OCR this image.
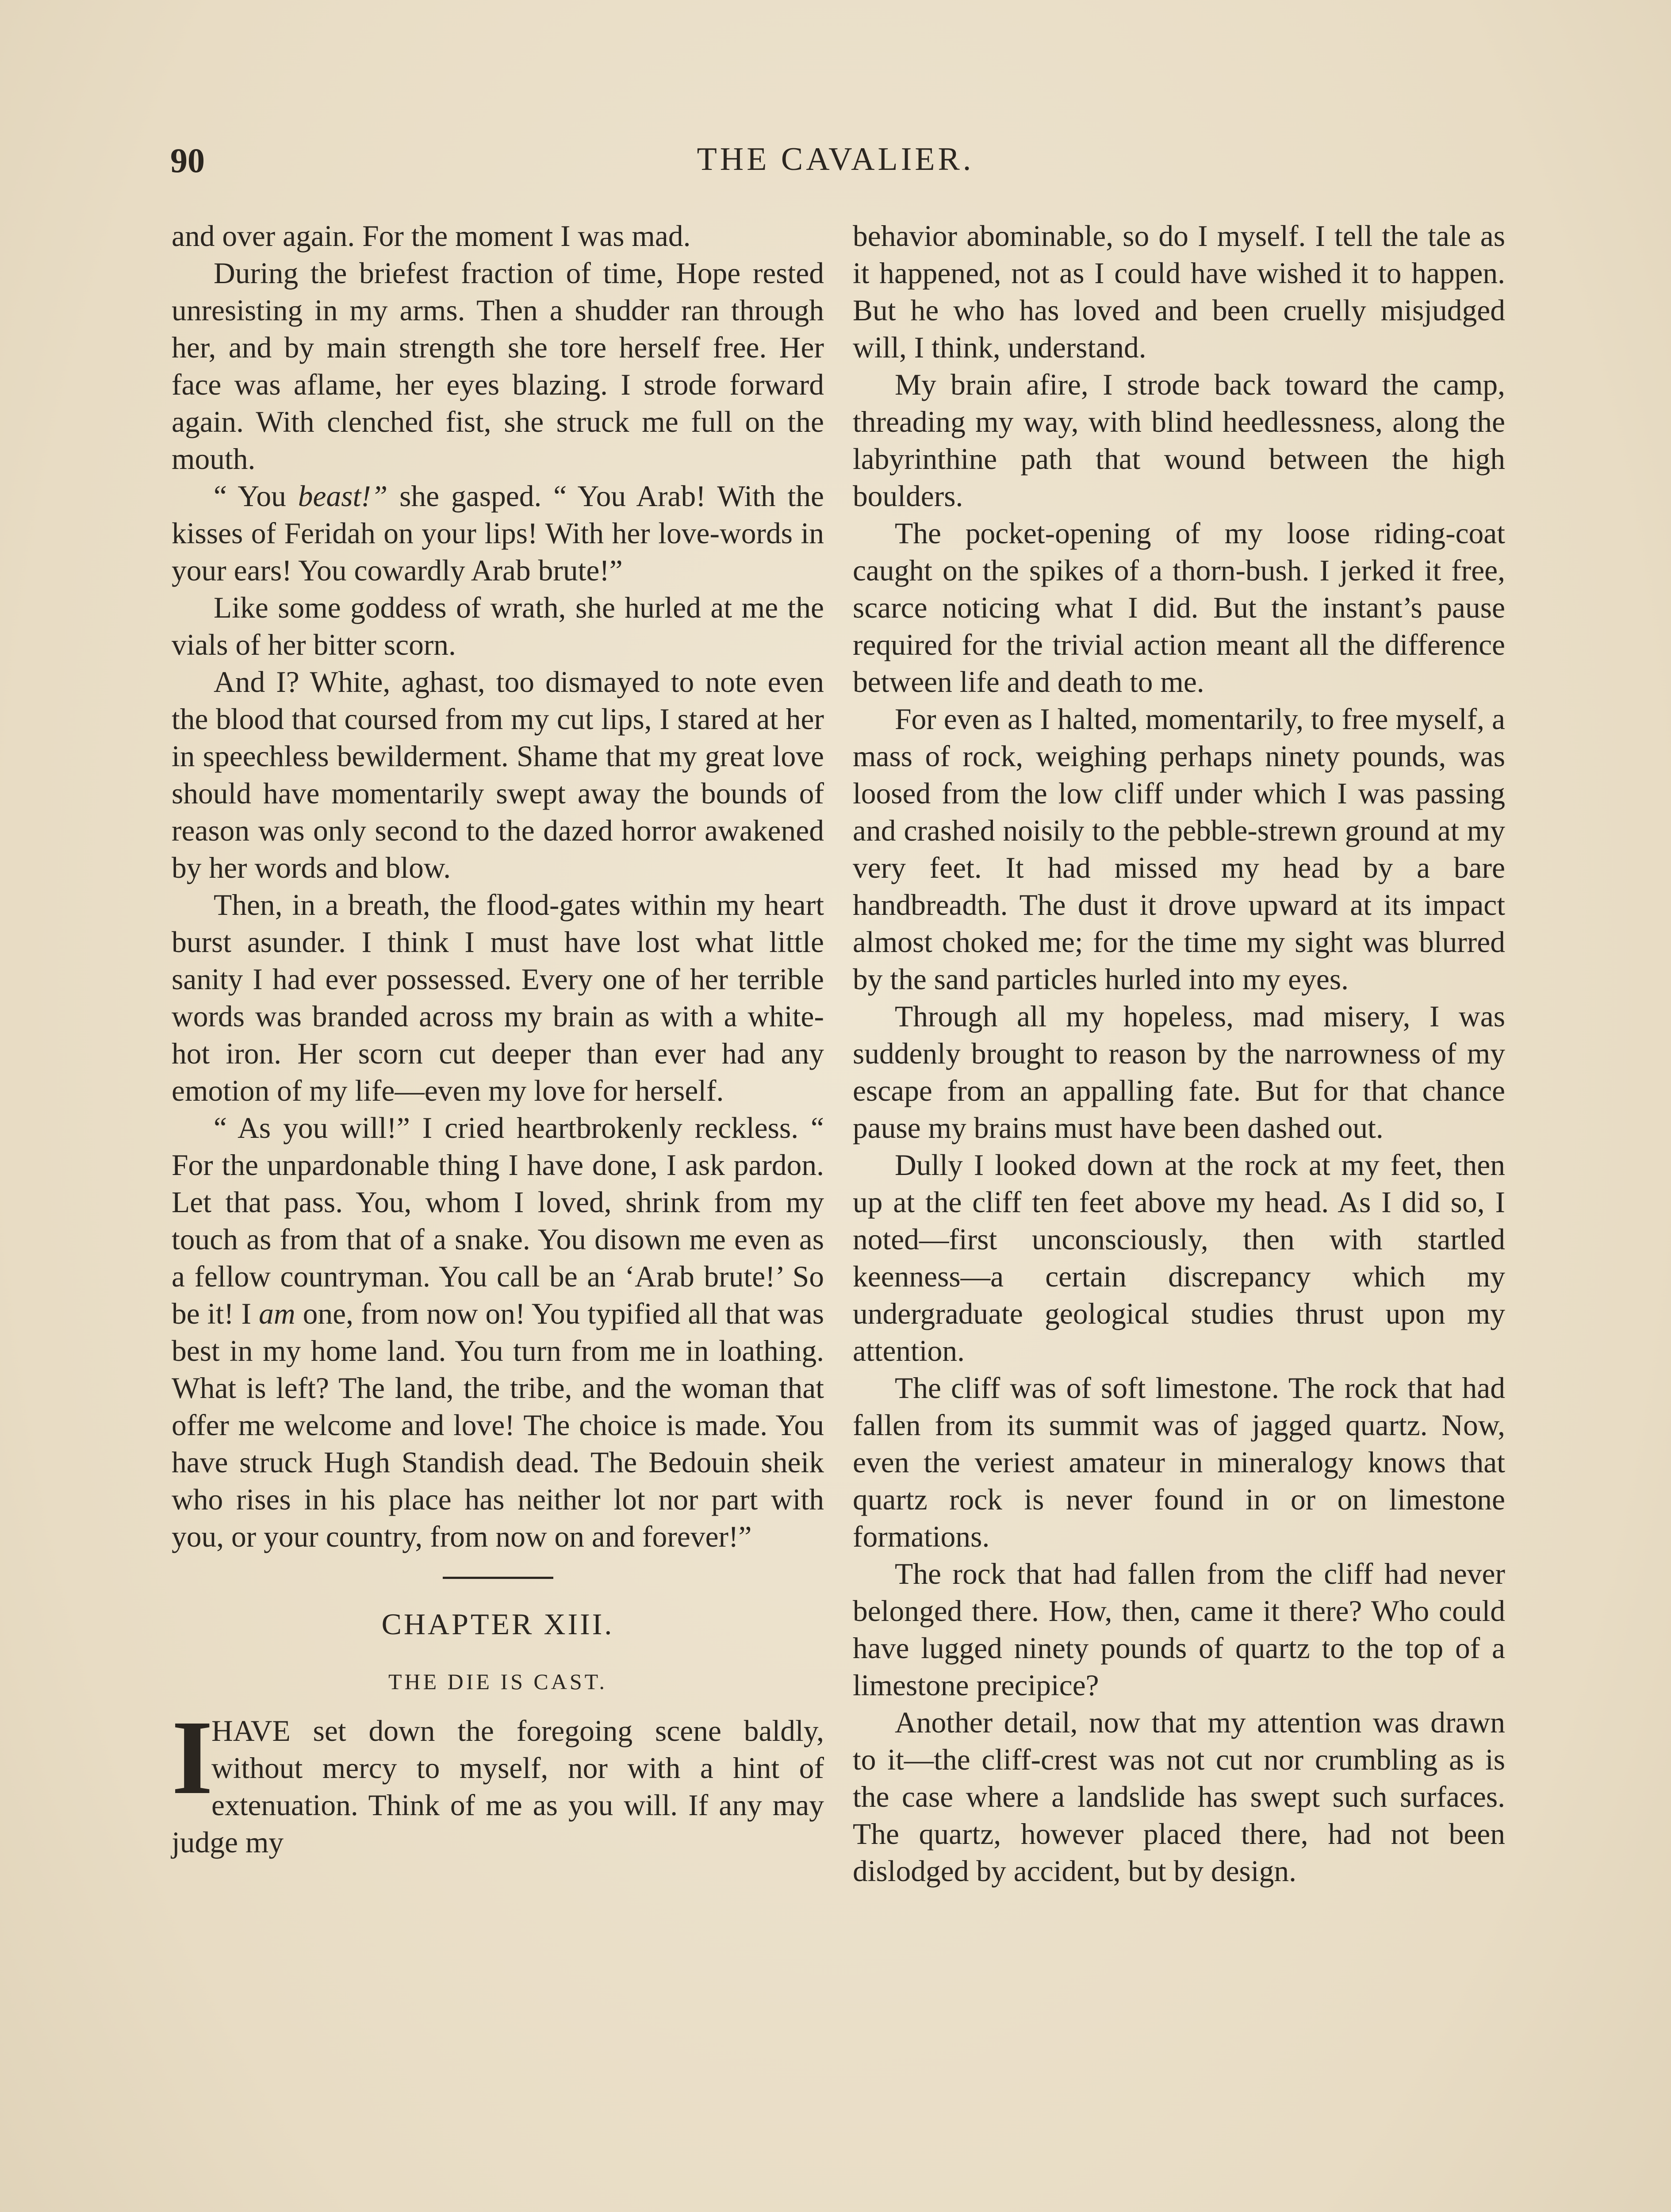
90	THE CAVALIER.

and over again. For the moment I was mad.

During the briefest fraction of time, Hope rested unresisting in my arms. Then a shudder ran through her, and by main strength she tore herself free. Her face was aflame, her eyes blazing. I strode forward again. With clenched fist, she struck me full on the mouth.

“ You beast!” she gasped. “ You Arab! With the kisses of Feridah on your lips! With her love-words in your ears! You cowardly Arab brute!”

Like some goddess of wrath, she hurled at me the vials of her bitter scorn.

And I? White, aghast, too dismayed to note even the blood that coursed from my cut lips, I stared at her in speechless bewilderment. Shame that my great love should have momentarily swept away the bounds of reason was only second to the dazed horror awakened by her words and blow.

Then, in a breath, the flood-gates within my heart burst asunder. I think I must have lost what little sanity I had ever possessed. Every one of her terrible words was branded across my brain as with a white-hot iron. Her scorn cut deeper than ever had any emotion of my life—even my love for herself.

“ As you will!” I cried heartbrokenly reckless. “ For the unpardonable thing I have done, I ask pardon. Let that pass. You, whom I loved, shrink from my touch as from that of a snake. You disown me even as a fellow countryman. You call be an ‘Arab brute!’ So be it! I am one, from now on! You typified all that was best in my home land. You turn from me in loathing. What is left? The land, the tribe, and the woman that offer me welcome and love! The choice is made. You have struck Hugh Standish dead. The Bedouin sheik who rises in his place has neither lot nor part with you, or your country, from now on and forever!”

CHAPTER XIII.
THE DIE IS CAST.

I
HAVE set down the foregoing scene baldly, without mercy to myself, nor with a hint of extenuation. Think of me as you will. If any may judge my

behavior abominable, so do I myself. I tell the tale as it happened, not as I could have wished it to happen. But he who has loved and been cruelly misjudged will, I think, understand.

My brain afire, I strode back toward the camp, threading my way, with blind heedlessness, along the labyrinthine path that wound between the high boulders.

The pocket-opening of my loose riding-coat caught on the spikes of a thorn-bush. I jerked it free, scarce noticing what I did. But the instant’s pause required for the trivial action meant all the difference between life and death to me.

For even as I halted, momentarily, to free myself, a mass of rock, weighing perhaps ninety pounds, was loosed from the low cliff under which I was passing and crashed noisily to the pebble-strewn ground at my very feet. It had missed my head by a bare handbreadth. The dust it drove upward at its impact almost choked me; for the time my sight was blurred by the sand particles hurled into my eyes.

Through all my hopeless, mad misery, I was suddenly brought to reason by the narrowness of my escape from an appalling fate. But for that chance pause my brains must have been dashed out.

Dully I looked down at the rock at my feet, then up at the cliff ten feet above my head. As I did so, I noted—first unconsciously, then with startled keenness—a certain discrepancy which my undergraduate geological studies thrust upon my attention.

The cliff was of soft limestone. The rock that had fallen from its summit was of jagged quartz. Now, even the veriest amateur in mineralogy knows that quartz rock is never found in or on limestone formations.

The rock that had fallen from the cliff had never belonged there. How, then, came it there? Who could have lugged ninety pounds of quartz to the top of a limestone precipice?

Another detail, now that my attention was drawn to it—the cliff-crest was not cut nor crumbling as is the case where a landslide has swept such surfaces. The quartz, however placed there, had not been dislodged by accident, but by design.
